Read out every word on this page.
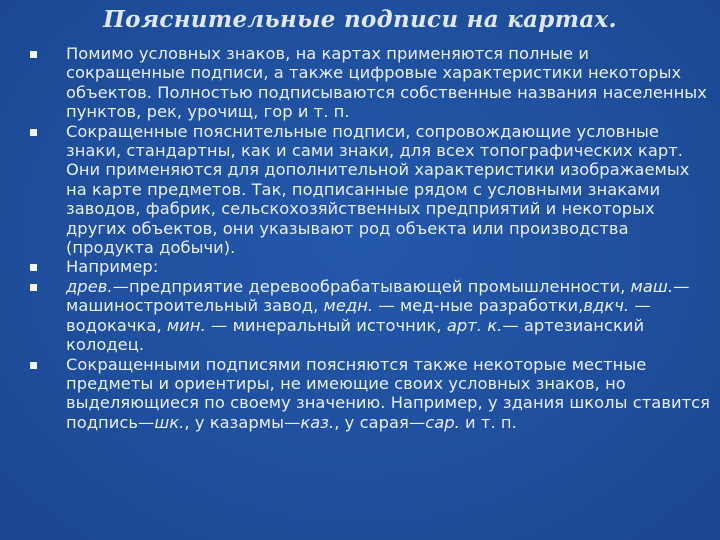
Пояснительные подписи на картах.
Помимо условных знаков, на картах применяются полные и сокращенные подписи, а также цифровые характеристики некоторых объектов. Полностью подписываются собственные названия населенных пунктов, рек, урочищ, гор и т. п.
Сокращенные пояснительные подписи, сопровождающие условные знаки, стандартны, как и сами знаки, для всех топографических карт. Они применяются для дополнительной характеристики изображаемых на карте предметов. Так, подписанные рядом с условными знаками заводов, фабрик, сельскохозяйственных предприятий и некоторых других объектов, они указывают род объекта или производства (продукта добычи).
Например:
древ.—предприятие деревообрабатывающей промышленности, маш.— машиностроительный завод, медн. — мед-ные разработки,вдкч. — водокачка, мин. — минеральный источник, арт. к.— артезианский колодец.
Сокращенными подписями поясняются также некоторые местные предметы и ориентиры, не имеющие своих условных знаков, но выделяющиеся по своему значению. Например, у здания школы ставится подпись—шк., у казармы—каз., у сарая—сар. и т. п.
